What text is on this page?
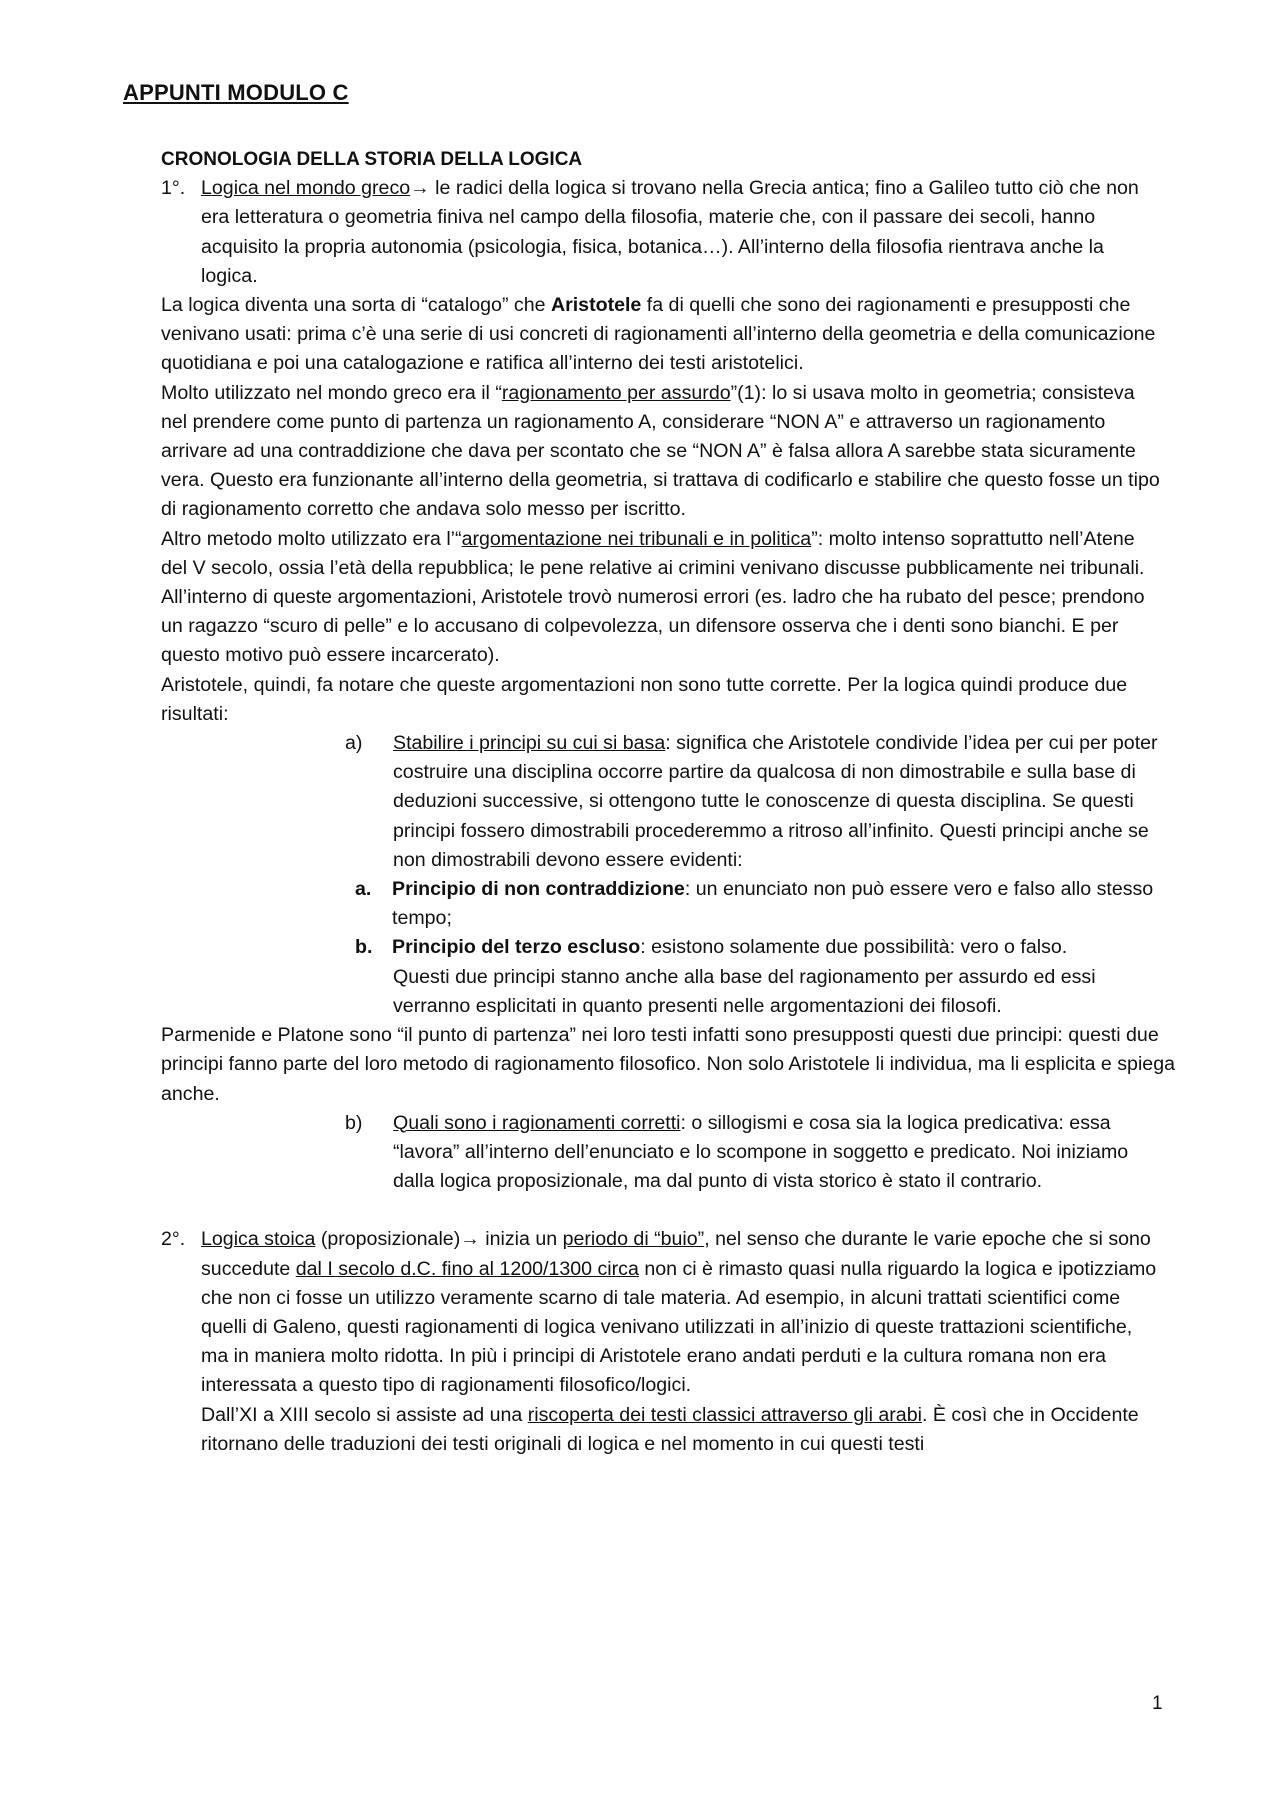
APPUNTI MODULO C

CRONOLOGIA DELLA STORIA DELLA LOGICA

1°. Logica nel mondo greco→ le radici della logica si trovano nella Grecia antica; fino a Galileo tutto ciò che non era letteratura o geometria finiva nel campo della filosofia, materie che, con il passare dei secoli, hanno acquisito la propria autonomia (psicologia, fisica, botanica…). All’interno della filosofia rientrava anche la logica.

La logica diventa una sorta di “catalogo” che Aristotele fa di quelli che sono dei ragionamenti e presupposti che venivano usati: prima c’è una serie di usi concreti di ragionamenti all’interno della geometria e della comunicazione quotidiana e poi una catalogazione e ratifica all’interno dei testi aristotelici.

Molto utilizzato nel mondo greco era il “ragionamento per assurdo”(1): lo si usava molto in geometria; consisteva nel prendere come punto di partenza un ragionamento A, considerare “NON A” e attraverso un ragionamento arrivare ad una contraddizione che dava per scontato che se “NON A” è falsa allora A sarebbe stata sicuramente vera. Questo era funzionante all’interno della geometria, si trattava di codificarlo e stabilire che questo fosse un tipo di ragionamento corretto che andava solo messo per iscritto.

Altro metodo molto utilizzato era l’“argomentazione nei tribunali e in politica”: molto intenso soprattutto nell’Atene del V secolo, ossia l’età della repubblica; le pene relative ai crimini venivano discusse pubblicamente nei tribunali. All’interno di queste argomentazioni, Aristotele trovò numerosi errori (es. ladro che ha rubato del pesce; prendono un ragazzo “scuro di pelle” e lo accusano di colpevolezza, un difensore osserva che i denti sono bianchi. E per questo motivo può essere incarcerato).

Aristotele, quindi, fa notare che queste argomentazioni non sono tutte corrette. Per la logica quindi produce due risultati:

a) Stabilire i principi su cui si basa: significa che Aristotele condivide l’idea per cui per poter costruire una disciplina occorre partire da qualcosa di non dimostrabile e sulla base di deduzioni successive, si ottengono tutte le conoscenze di questa disciplina. Se questi principi fossero dimostrabili procederemmo a ritroso all’infinito. Questi principi anche se non dimostrabili devono essere evidenti:

a. Principio di non contraddizione: un enunciato non può essere vero e falso allo stesso tempo;

b. Principio del terzo escluso: esistono solamente due possibilità: vero o falso.

Questi due principi stanno anche alla base del ragionamento per assurdo ed essi verranno esplicitati in quanto presenti nelle argomentazioni dei filosofi.

Parmenide e Platone sono “il punto di partenza” nei loro testi infatti sono presupposti questi due principi: questi due principi fanno parte del loro metodo di ragionamento filosofico. Non solo Aristotele li individua, ma li esplicita e spiega anche.

b) Quali sono i ragionamenti corretti: o sillogismi e cosa sia la logica predicativa: essa “lavora” all’interno dell’enunciato e lo scompone in soggetto e predicato. Noi iniziamo dalla logica proposizionale, ma dal punto di vista storico è stato il contrario.

2°. Logica stoica (proposizionale)→ inizia un periodo di “buio”, nel senso che durante le varie epoche che si sono succedute dal I secolo d.C. fino al 1200/1300 circa non ci è rimasto quasi nulla riguardo la logica e ipotizziamo che non ci fosse un utilizzo veramente scarno di tale materia. Ad esempio, in alcuni trattati scientifici come quelli di Galeno, questi ragionamenti di logica venivano utilizzati in all’inizio di queste trattazioni scientifiche, ma in maniera molto ridotta. In più i principi di Aristotele erano andati perduti e la cultura romana non era interessata a questo tipo di ragionamenti filosofico/logici.

Dall’XI a XIII secolo si assiste ad una riscoperta dei testi classici attraverso gli arabi. È così che in Occidente ritornano delle traduzioni dei testi originali di logica e nel momento in cui questi testi

1
